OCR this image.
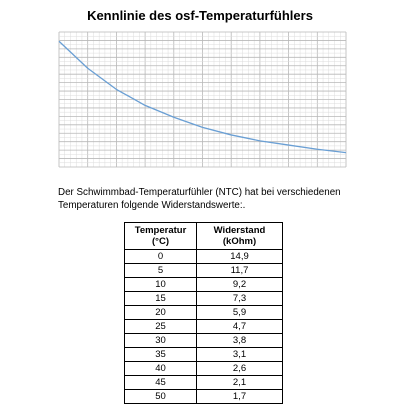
Kennlinie des osf-Temperaturfühlers
Der Schwimmbad-Temperaturfühler (NTC) hat bei verschiedenen Temperaturen folgende Widerstandswerte:.
Temperatur (°C)	Widerstand (kOhm)
0	14,9
5	11,7
10	9,2
15	7,3
20	5,9
25	4,7
30	3,8
35	3,1
40	2,6
45	2,1
50	1,7
